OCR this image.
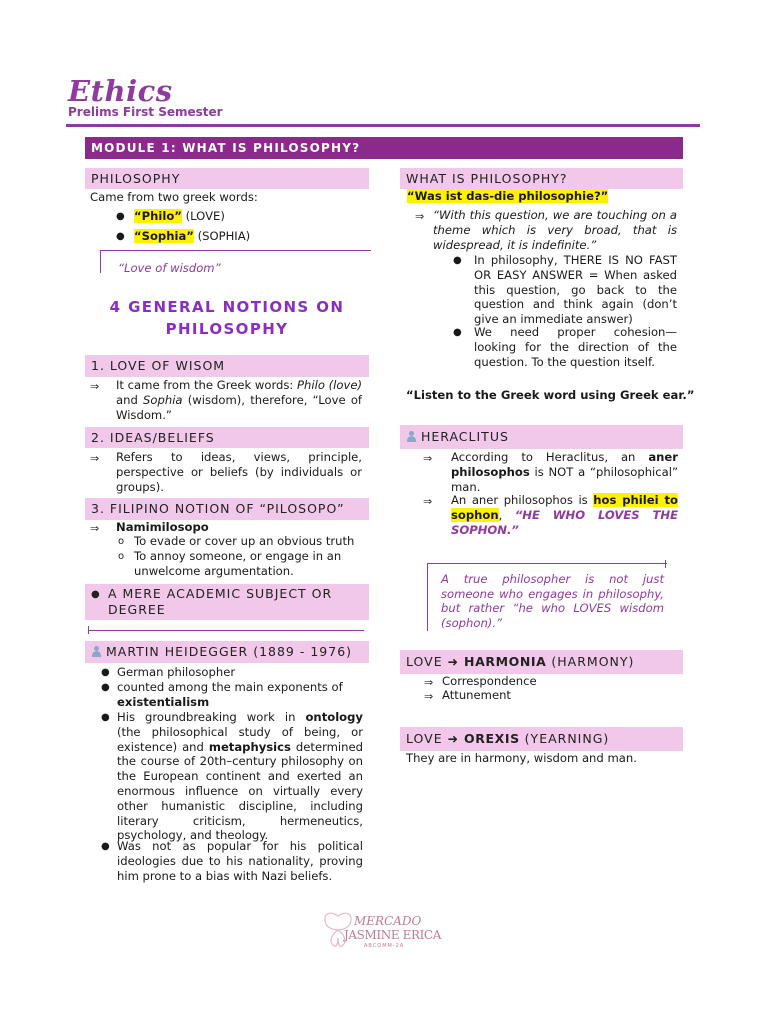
Ethics
Prelims First Semester
MODULE 1: WHAT IS PHILOSOPHY?
PHILOSOPHY
Came from two greek words:
● “Philo” (LOVE)
● “Sophia” (SOPHIA)
“Love of wisdom”
4 GENERAL NOTIONS ON
PHILOSOPHY
1. LOVE OF WISOM
⇒ It came from the Greek words: Philo (love) and Sophia (wisdom), therefore, “Love of Wisdom.”
2. IDEAS/BELIEFS
⇒ Refers to ideas, views, principle, perspective or beliefs (by individuals or groups).
3. FILIPINO NOTION OF “PILOSOPO”
⇒ Namimilosopo
o To evade or cover up an obvious truth
o To annoy someone, or engage in an unwelcome argumentation.
● A MERE ACADEMIC SUBJECT OR
DEGREE
MARTIN HEIDEGGER (1889 - 1976)
● German philosopher
● counted among the main exponents of existentialism
● His groundbreaking work in ontology (the philosophical study of being, or existence) and metaphysics determined the course of 20th–century philosophy on the European continent and exerted an enormous influence on virtually every other humanistic discipline, including literary criticism, hermeneutics, psychology, and theology.
● Was not as popular for his political ideologies due to his nationality, proving him prone to a bias with Nazi beliefs.
WHAT IS PHILOSOPHY?
“Was ist das-die philosophie?”
⇒ “With this question, we are touching on a theme which is very broad, that is widespread, it is indefinite.”
● In philosophy, THERE IS NO FAST OR EASY ANSWER = When asked this question, go back to the question and think again (don’t give an immediate answer)
● We need proper cohesion— looking for the direction of the question. To the question itself.
“Listen to the Greek word using Greek ear.”
HERACLITUS
⇒ According to Heraclitus, an aner philosophos is NOT a “philosophical” man.
⇒ An aner philosophos is hos philei to sophon, “HE WHO LOVES THE SOPHON.”
A true philosopher is not just someone who engages in philosophy, but rather “he who LOVES wisdom (sophon).”
LOVE ➜ HARMONIA (HARMONY)
⇒ Correspondence
⇒ Attunement
LOVE ➜ OREXIS (YEARNING)
They are in harmony, wisdom and man.
MERCADO
JASMINE ERICA
ABCOMM-2A
